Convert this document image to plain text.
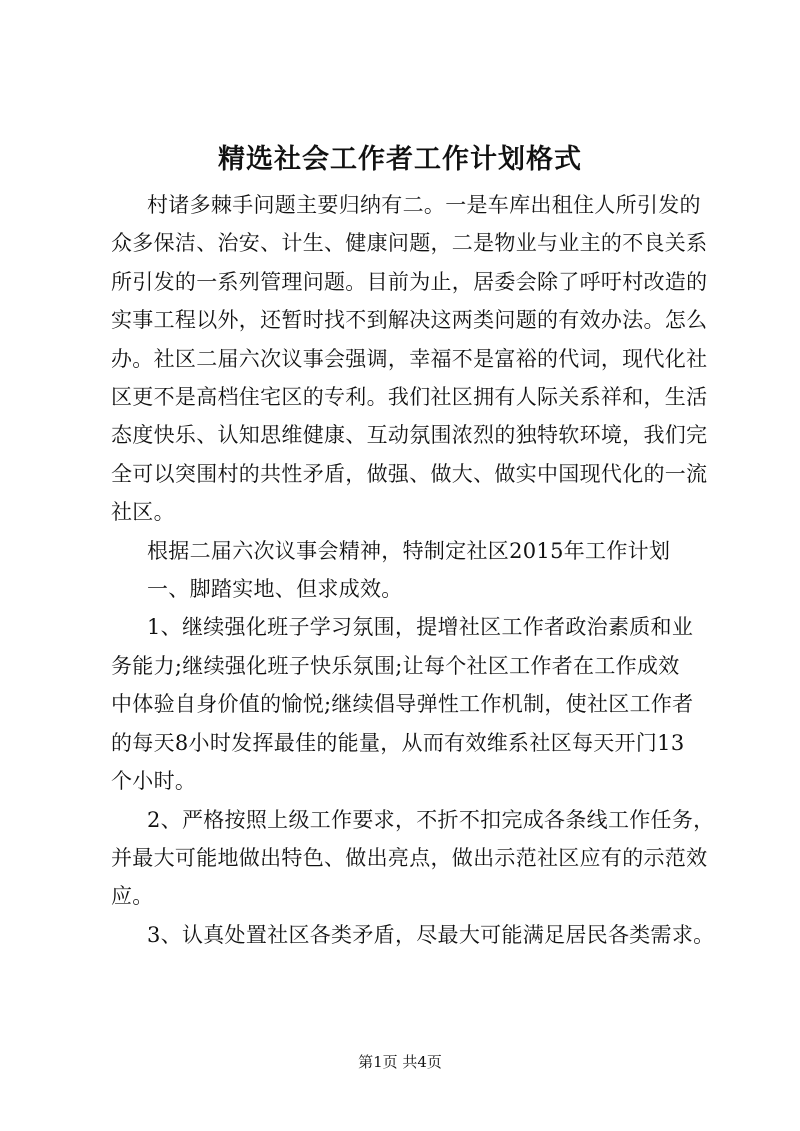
精选社会工作者工作计划格式
村诸多棘手问题主要归纳有二。一是车库出租住人所引发的
众多保洁、治安、计生、健康问题，二是物业与业主的不良关系
所引发的一系列管理问题。目前为止，居委会除了呼吁村改造的
实事工程以外，还暂时找不到解决这两类问题的有效办法。怎么
办。社区二届六次议事会强调，幸福不是富裕的代词，现代化社
区更不是高档住宅区的专利。我们社区拥有人际关系祥和，生活
态度快乐、认知思维健康、互动氛围浓烈的独特软环境，我们完
全可以突围村的共性矛盾，做强、做大、做实中国现代化的一流
社区。
根据二届六次议事会精神，特制定社区2015年工作计划
一、脚踏实地、但求成效。
1、继续强化班子学习氛围，提增社区工作者政治素质和业
务能力;继续强化班子快乐氛围;让每个社区工作者在工作成效
中体验自身价值的愉悦;继续倡导弹性工作机制，使社区工作者
的每天8小时发挥最佳的能量，从而有效维系社区每天开门13
个小时。
2、严格按照上级工作要求，不折不扣完成各条线工作任务，
并最大可能地做出特色、做出亮点，做出示范社区应有的示范效
应。
3、认真处置社区各类矛盾，尽最大可能满足居民各类需求。
第1页 共4页
